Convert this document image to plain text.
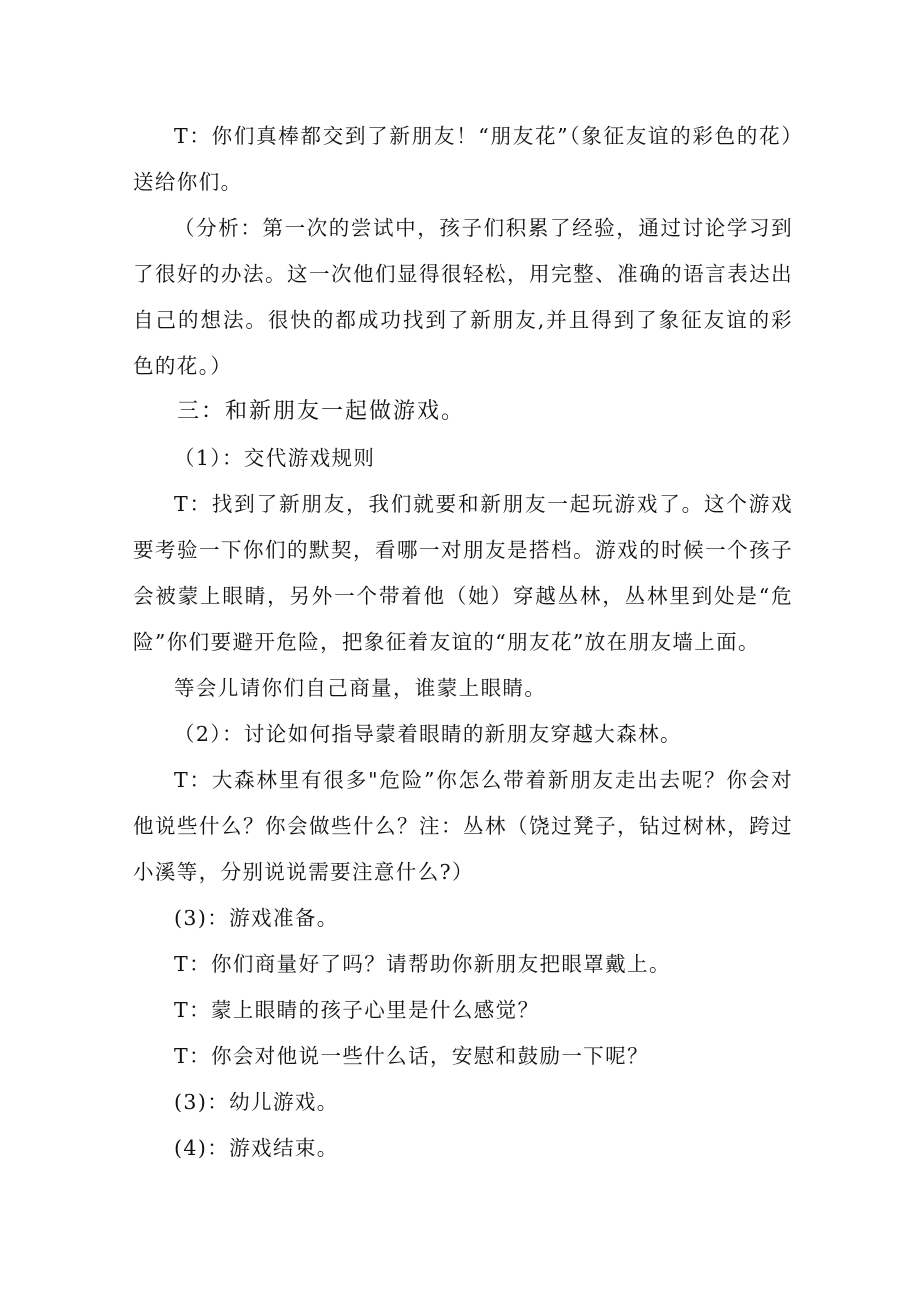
T：你们真棒都交到了新朋友！“朋友花”（象征友谊的彩色的花）送给你们。

（分析：第一次的尝试中，孩子们积累了经验，通过讨论学习到了很好的办法。这一次他们显得很轻松，用完整、准确的语言表达出自己的想法。很快的都成功找到了新朋友,并且得到了象征友谊的彩色的花。）

三：和新朋友一起做游戏。

（1）：交代游戏规则

T：找到了新朋友，我们就要和新朋友一起玩游戏了。这个游戏要考验一下你们的默契，看哪一对朋友是搭档。游戏的时候一个孩子会被蒙上眼睛，另外一个带着他（她）穿越丛林，丛林里到处是“危险”你们要避开危险，把象征着友谊的“朋友花”放在朋友墙上面。

等会儿请你们自己商量，谁蒙上眼睛。

（2）：讨论如何指导蒙着眼睛的新朋友穿越大森林。

T：大森林里有很多"危险”你怎么带着新朋友走出去呢？你会对他说些什么？你会做些什么？注：丛林（饶过凳子，钻过树林，跨过小溪等，分别说说需要注意什么?）

(3)：游戏准备。

T：你们商量好了吗？请帮助你新朋友把眼罩戴上。

T：蒙上眼睛的孩子心里是什么感觉？

T：你会对他说一些什么话，安慰和鼓励一下呢？

(3)：幼儿游戏。

(4)：游戏结束。
